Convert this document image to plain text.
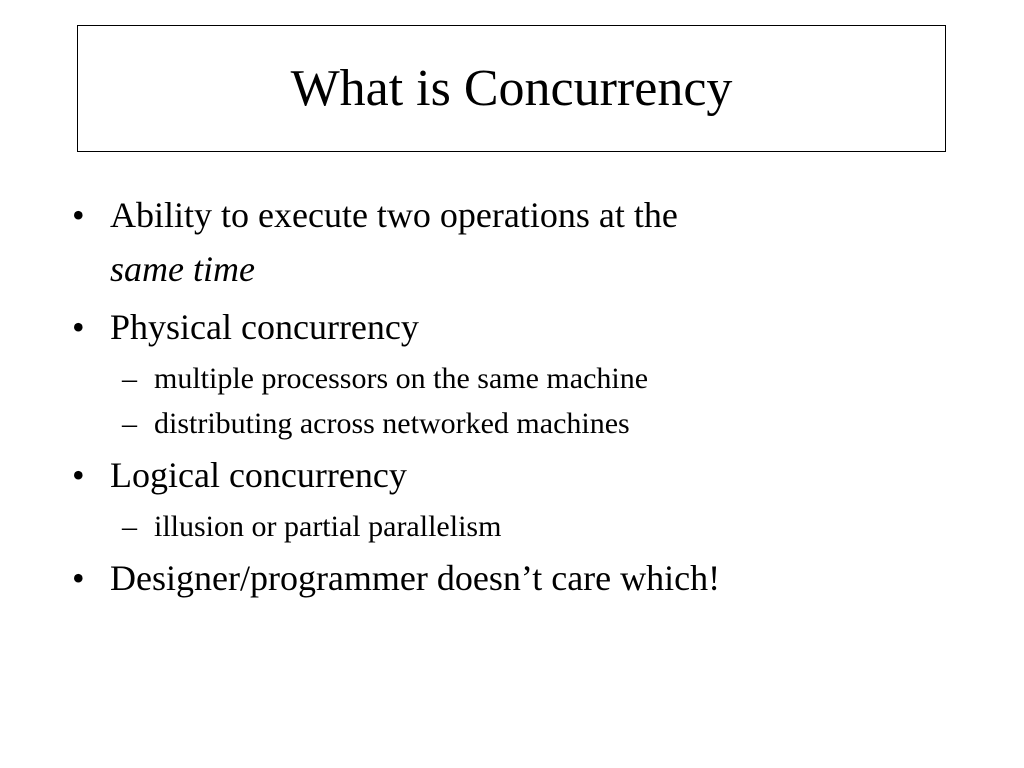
What is Concurrency
• Ability to execute two operations at the
same time
• Physical concurrency
– multiple processors on the same machine
– distributing across networked machines
• Logical concurrency
– illusion or partial parallelism
• Designer/programmer doesn’t care which!
